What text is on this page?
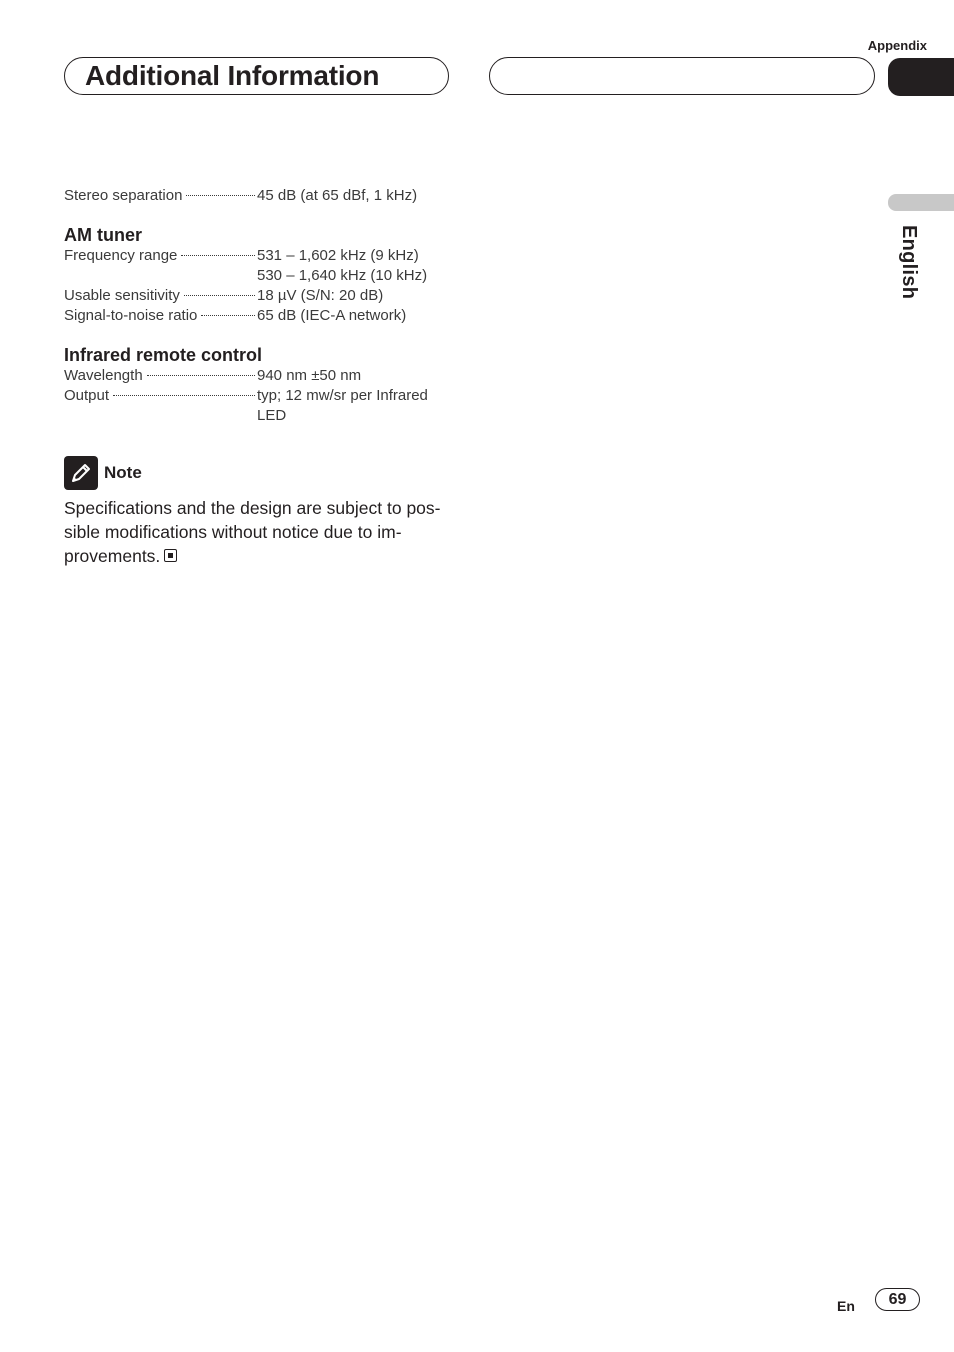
Appendix
Additional Information
English
Stereo separation	45 dB (at 65 dBf, 1 kHz)
AM tuner
Frequency range	531 – 1,602 kHz (9 kHz)
530 – 1,640 kHz (10 kHz)
Usable sensitivity	18 µV (S/N: 20 dB)
Signal-to-noise ratio	65 dB (IEC-A network)
Infrared remote control
Wavelength	940 nm ±50 nm
Output	typ; 12 mw/sr per Infrared
LED
Note
Specifications and the design are subject to pos-sible modifications without notice due to im-provements.
En	69
